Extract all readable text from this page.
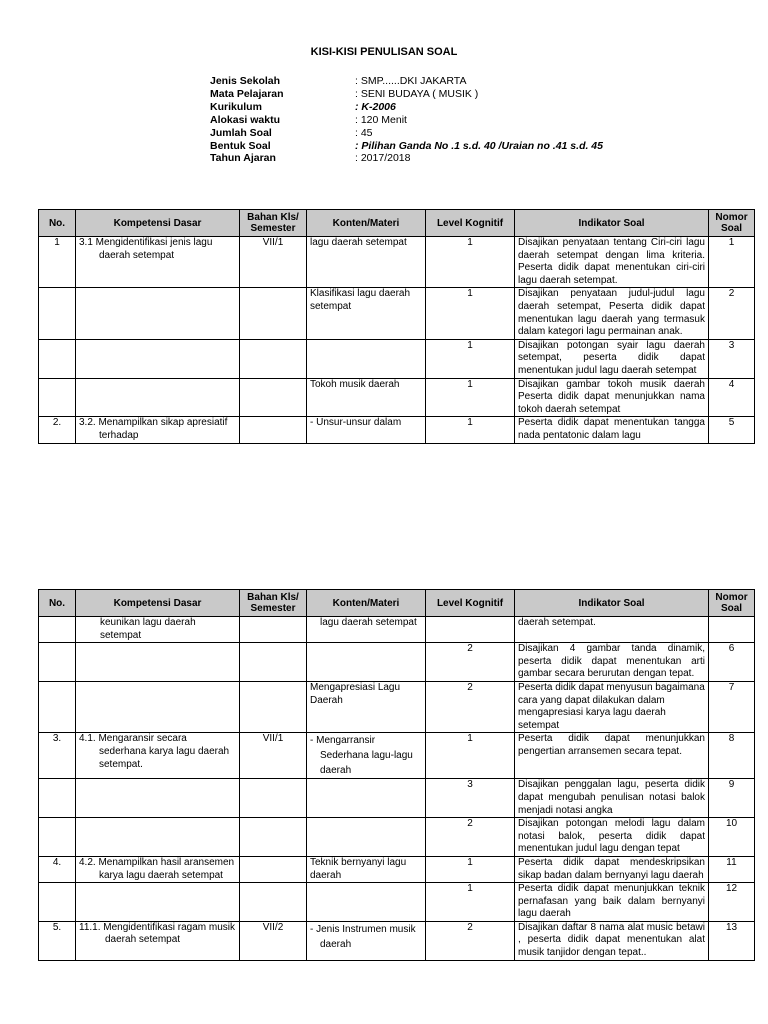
KISI-KISI PENULISAN SOAL
Jenis Sekolah	: SMP......DKI JAKARTA
Mata Pelajaran	: SENI BUDAYA ( MUSIK )
Kurikulum	: K-2006
Alokasi waktu	: 120 Menit
Jumlah Soal	: 45
Bentuk Soal	: Pilihan Ganda No .1 s.d. 40 /Uraian no .41 s.d. 45
Tahun Ajaran	: 2017/2018
No.	Kompetensi Dasar	Bahan Kls/ Semester	Konten/Materi	Level Kognitif	Indikator Soal	Nomor Soal
1	3.1 Mengidentifikasi jenis lagu daerah setempat	VII/1	lagu daerah setempat	1	Disajikan penyataan tentang Ciri-ciri lagu daerah setempat dengan lima kriteria. Peserta didik dapat menentukan ciri-ciri lagu daerah setempat.	1
			Klasifikasi lagu daerah setempat	1	Disajikan penyataan judul-judul lagu daerah setempat, Peserta didik dapat menentukan lagu daerah yang termasuk dalam kategori lagu permainan anak.	2
				1	Disajikan potongan syair lagu daerah setempat, peserta didik dapat menentukan judul lagu daerah setempat	3
			Tokoh musik daerah	1	Disajikan gambar tokoh musik daerah Peserta didik dapat menunjukkan nama tokoh daerah setempat	4
2.	3.2. Menampilkan sikap apresiatif terhadap		- Unsur-unsur dalam	1	Peserta didik dapat menentukan tangga nada pentatonic dalam lagu	5
No.	Kompetensi Dasar	Bahan Kls/ Semester	Konten/Materi	Level Kognitif	Indikator Soal	Nomor Soal

	keunikan lagu daerah setempat		lagu daerah setempat		daerah setempat.	
				2	Disajikan 4 gambar tanda dinamik, peserta didik dapat menentukan arti gambar secara berurutan dengan tepat.	6
			Mengapresiasi Lagu Daerah	2	Peserta didik dapat menyusun bagaimana cara yang dapat dilakukan dalam mengapresiasi karya lagu daerah setempat	7
3.	4.1. Mengaransir secara sederhana karya lagu daerah setempat.	VII/1	- Mengarransir Sederhana lagu-lagu daerah	1	Peserta didik dapat menunjukkan pengertian arransemen secara tepat.	8
				3	Disajikan penggalan lagu, peserta didik dapat mengubah penulisan notasi balok menjadi notasi angka	9
				2	Disajikan potongan melodi lagu dalam notasi balok, peserta didik dapat menentukan judul lagu dengan tepat	10
4.	4.2. Menampilkan hasil aransemen karya lagu daerah setempat		Teknik bernyanyi lagu daerah	1	Peserta didik dapat mendeskripsikan sikap badan dalam bernyanyi lagu daerah	11
				1	Peserta didik dapat menunjukkan teknik pernafasan yang baik dalam bernyanyi lagu daerah	12
5.	11.1. Mengidentifikasi ragam musik daerah setempat	VII/2	- Jenis Instrumen musik daerah	2	Disajikan daftar 8 nama alat music betawi , peserta didik dapat menentukan alat musik tanjidor dengan tepat..	13
